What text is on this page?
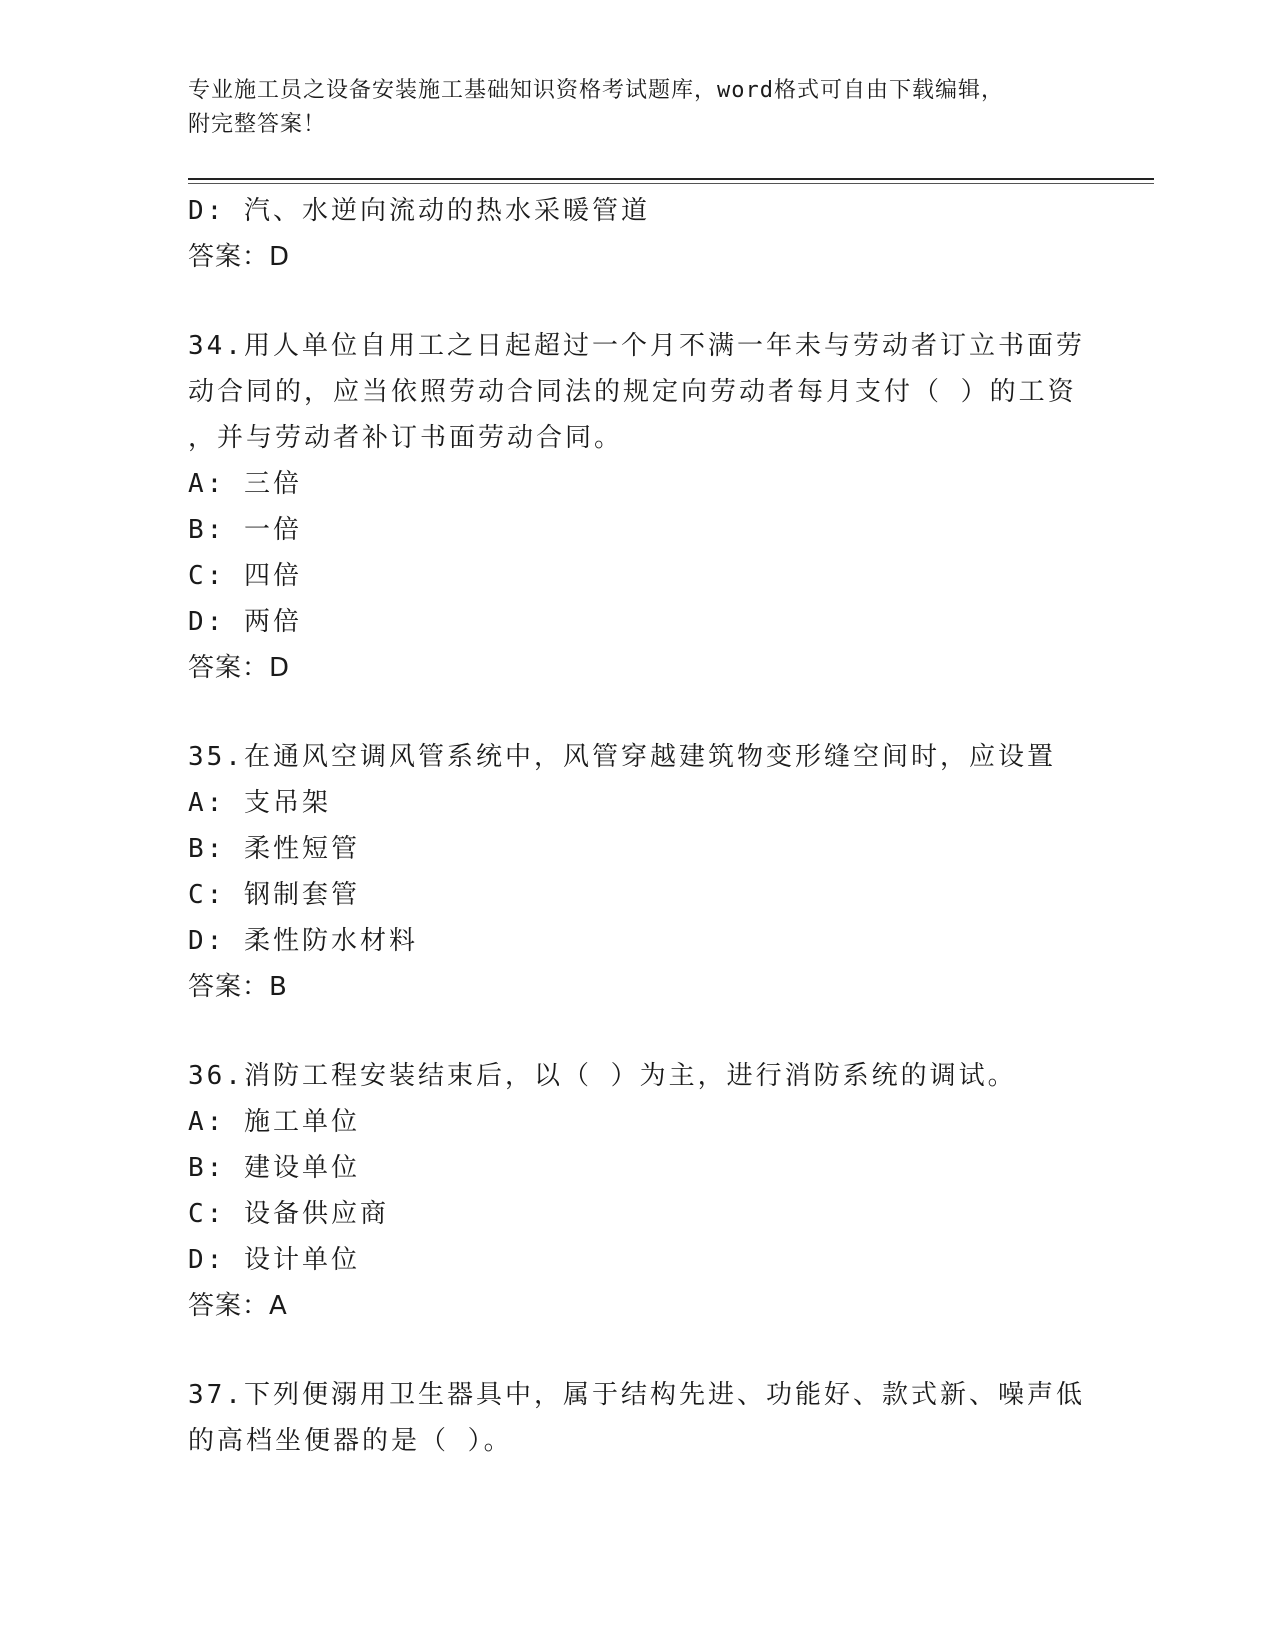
专业施工员之设备安装施工基础知识资格考试题库，word格式可自由下载编辑，
附完整答案！
D: 汽、水逆向流动的热水采暖管道
答案：D
34.用人单位自用工之日起超过一个月不满一年未与劳动者订立书面劳
动合同的，应当依照劳动合同法的规定向劳动者每月支付（ ）的工资
，并与劳动者补订书面劳动合同。
A: 三倍
B: 一倍
C: 四倍
D: 两倍
答案：D
35.在通风空调风管系统中，风管穿越建筑物变形缝空间时，应设置
A: 支吊架
B: 柔性短管
C: 钢制套管
D: 柔性防水材料
答案：B
36.消防工程安装结束后，以（ ）为主，进行消防系统的调试。
A: 施工单位
B: 建设单位
C: 设备供应商
D: 设计单位
答案：A
37.下列便溺用卫生器具中，属于结构先进、功能好、款式新、噪声低
的高档坐便器的是（ ）。
